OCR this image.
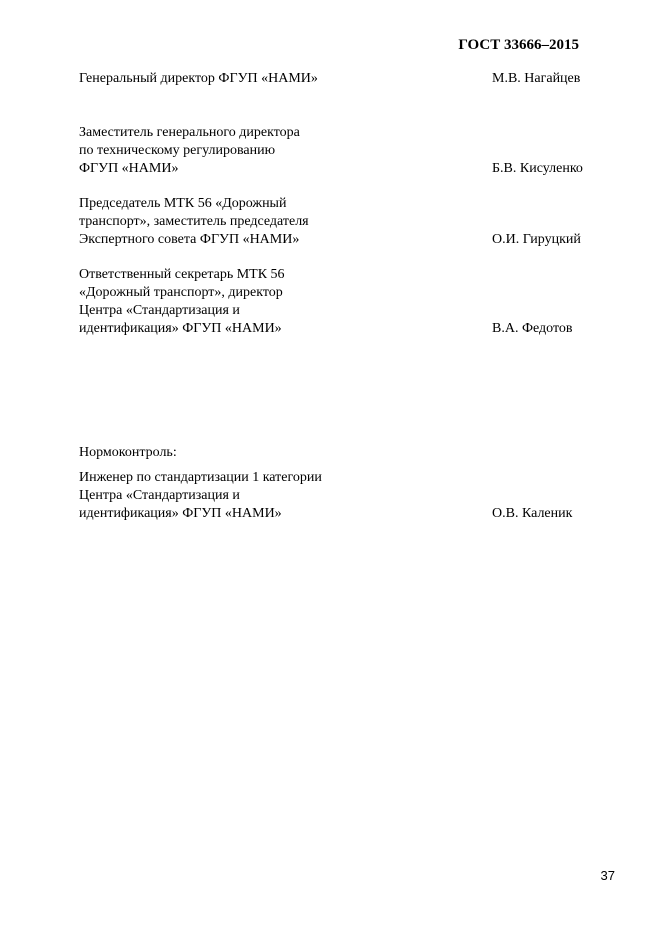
ГОСТ 33666–2015
Генеральный директор ФГУП «НАМИ»	М.В. Нагайцев
Заместитель генерального директора
по техническому регулированию
ФГУП «НАМИ»	Б.В. Кисуленко
Председатель МТК 56 «Дорожный
транспорт», заместитель председателя
Экспертного совета ФГУП «НАМИ»	О.И. Гируцкий
Ответственный секретарь МТК 56
«Дорожный транспорт», директор
Центра «Стандартизация и
идентификация» ФГУП «НАМИ»	В.А. Федотов
Нормоконтроль:
Инженер по стандартизации 1 категории
Центра «Стандартизация и
идентификация» ФГУП «НАМИ»	О.В. Каленик
37
